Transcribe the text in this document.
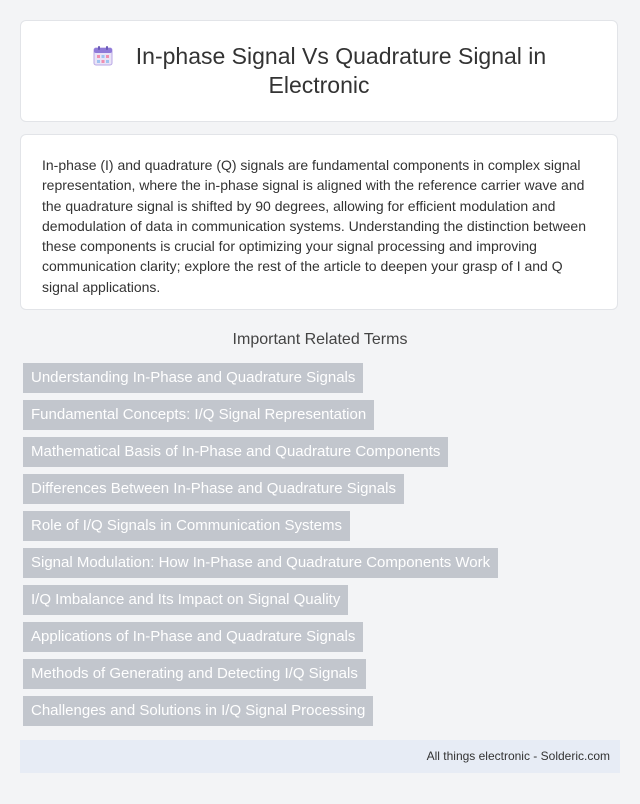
In-phase Signal Vs Quadrature Signal in Electronic

In-phase (I) and quadrature (Q) signals are fundamental components in complex signal representation, where the in-phase signal is aligned with the reference carrier wave and the quadrature signal is shifted by 90 degrees, allowing for efficient modulation and demodulation of data in communication systems. Understanding the distinction between these components is crucial for optimizing your signal processing and improving communication clarity; explore the rest of the article to deepen your grasp of I and Q signal applications.

Important Related Terms
Understanding In-Phase and Quadrature Signals
Fundamental Concepts: I/Q Signal Representation
Mathematical Basis of In-Phase and Quadrature Components
Differences Between In-Phase and Quadrature Signals
Role of I/Q Signals in Communication Systems
Signal Modulation: How In-Phase and Quadrature Components Work
I/Q Imbalance and Its Impact on Signal Quality
Applications of In-Phase and Quadrature Signals
Methods of Generating and Detecting I/Q Signals
Challenges and Solutions in I/Q Signal Processing
All things electronic - Solderic.com
